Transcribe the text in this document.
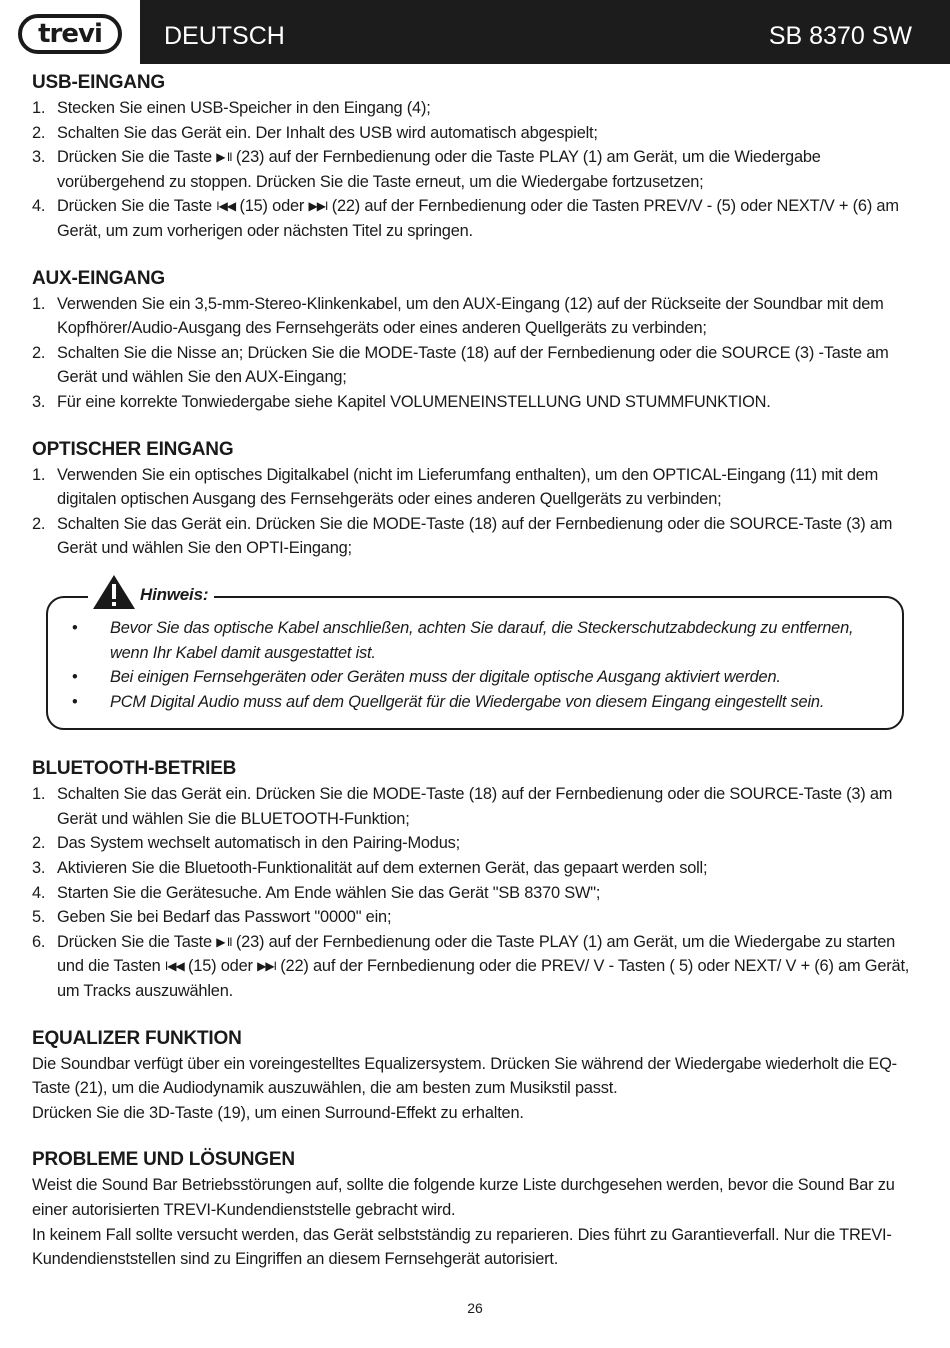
trevi	DEUTSCH	SB 8370 SW
USB-EINGANG
1. Stecken Sie einen USB-Speicher in den Eingang (4);
2. Schalten Sie das Gerät ein. Der Inhalt des USB wird automatisch abgespielt;
3. Drücken Sie die Taste ▶ II (23) auf der Fernbedienung oder die Taste PLAY (1) am Gerät, um die Wiedergabe vorübergehend zu stoppen. Drücken Sie die Taste erneut, um die Wiedergabe fortzusetzen;
4. Drücken Sie die Taste I◀◀ (15) oder ▶▶I (22) auf der Fernbedienung oder die Tasten PREV/V - (5) oder NEXT/V + (6) am Gerät, um zum vorherigen oder nächsten Titel zu springen.
AUX-EINGANG
1. Verwenden Sie ein 3,5-mm-Stereo-Klinkenkabel, um den AUX-Eingang (12) auf der Rückseite der Soundbar mit dem Kopfhörer/Audio-Ausgang des Fernsehgeräts oder eines anderen Quellgeräts zu verbinden;
2. Schalten Sie die Nisse an; Drücken Sie die MODE-Taste (18) auf der Fernbedienung oder die SOURCE (3) -Taste am Gerät und wählen Sie den AUX-Eingang;
3. Für eine korrekte Tonwiedergabe siehe Kapitel VOLUMENEINSTELLUNG UND STUMMFUNKTION.
OPTISCHER EINGANG
1. Verwenden Sie ein optisches Digitalkabel (nicht im Lieferumfang enthalten), um den OPTICAL-Eingang (11) mit dem digitalen optischen Ausgang des Fernsehgeräts oder eines anderen Quellgeräts zu verbinden;
2. Schalten Sie das Gerät ein. Drücken Sie die MODE-Taste (18) auf der Fernbedienung oder die SOURCE-Taste (3) am Gerät und wählen Sie den OPTI-Eingang;
Hinweis:
• Bevor Sie das optische Kabel anschließen, achten Sie darauf, die Steckerschutzabdeckung zu entfernen, wenn Ihr Kabel damit ausgestattet ist.
• Bei einigen Fernsehgeräten oder Geräten muss der digitale optische Ausgang aktiviert werden.
• PCM Digital Audio muss auf dem Quellgerät für die Wiedergabe von diesem Eingang eingestellt sein.
BLUETOOTH-BETRIEB
1. Schalten Sie das Gerät ein. Drücken Sie die MODE-Taste (18) auf der Fernbedienung oder die SOURCE-Taste (3) am Gerät und wählen Sie die BLUETOOTH-Funktion;
2. Das System wechselt automatisch in den Pairing-Modus;
3. Aktivieren Sie die Bluetooth-Funktionalität auf dem externen Gerät, das gepaart werden soll;
4. Starten Sie die Gerätesuche. Am Ende wählen Sie das Gerät "SB 8370 SW";
5. Geben Sie bei Bedarf das Passwort "0000" ein;
6. Drücken Sie die Taste ▶ II (23) auf der Fernbedienung oder die Taste PLAY (1) am Gerät, um die Wiedergabe zu starten und die Tasten I◀◀ (15) oder ▶▶I (22) auf der Fernbedienung oder die PREV/ V - Tasten ( 5) oder NEXT/ V + (6) am Gerät, um Tracks auszuwählen.
EQUALIZER FUNKTION

Die Soundbar verfügt über ein voreingestelltes Equalizersystem. Drücken Sie während der Wiedergabe wiederholt die EQ-Taste (21), um die Audiodynamik auszuwählen, die am besten zum Musikstil passt.

Drücken Sie die 3D-Taste (19), um einen Surround-Effekt zu erhalten.

PROBLEME UND LÖSUNGEN

Weist die Sound Bar Betriebsstörungen auf, sollte die folgende kurze Liste durchgesehen werden, bevor die Sound Bar zu einer autorisierten TREVI-Kundendienststelle gebracht wird.

In keinem Fall sollte versucht werden, das Gerät selbstständig zu reparieren. Dies führt zu Garantieverfall. Nur die TREVI-Kundendienststellen sind zu Eingriffen an diesem Fernsehgerät autorisiert.

26
